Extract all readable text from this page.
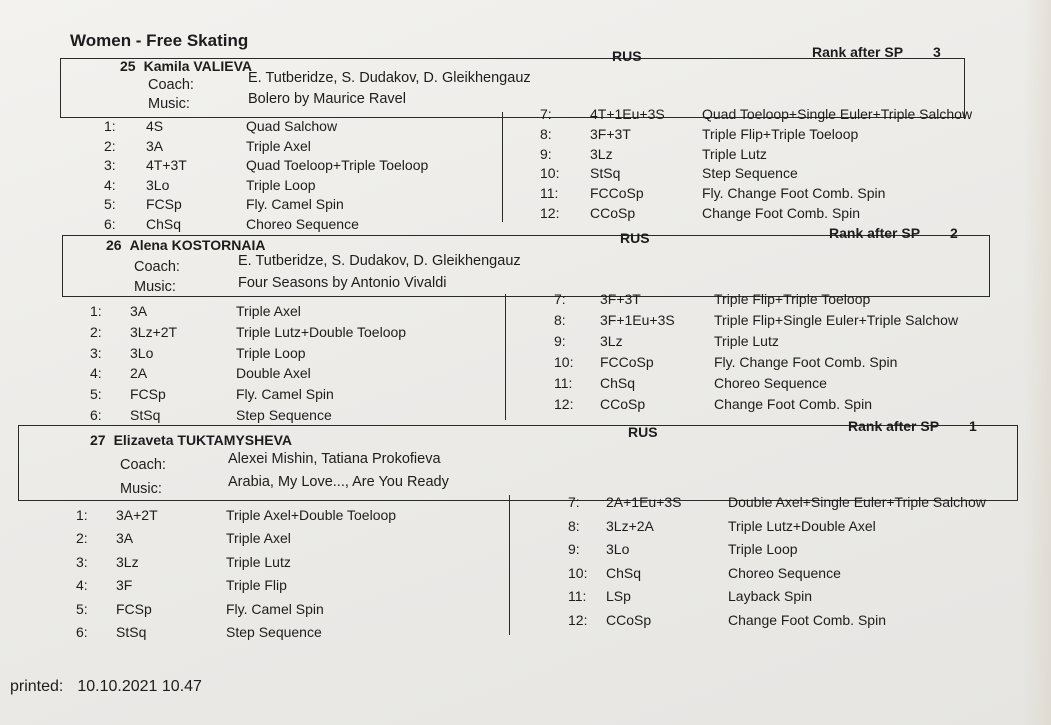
Women - Free Skating
25 Kamila VALIEVA
RUS	Rank after SP 3
Coach:	E. Tutberidze, S. Dudakov, D. Gleikhengauz
Music:	Bolero by Maurice Ravel
26 Alena KOSTORNAIA	RUS	Rank after SP 2
Coach:	E. Tutberidze, S. Dudakov, D. Gleikhengauz
Music:	Four Seasons by Antonio Vivaldi
27 Elizaveta TUKTAMYSHEVA	RUS	Rank after SP 1
Coach:	Alexei Mishin, Tatiana Prokofieva
Music:	Arabia, My Love..., Are You Ready
printed: 10.10.2021 10.47
1:	4S	Quad Salchow
2:	3A	Triple Axel
3:	4T+3T	Quad Toeloop+Triple Toeloop
4:	3Lo	Triple Loop
5:	FCSp	Fly. Camel Spin
6:	ChSq	Choreo Sequence
7:	4T+1Eu+3S	Quad Toeloop+Single Euler+Triple Salchow
8:	3F+3T	Triple Flip+Triple Toeloop
9:	3Lz	Triple Lutz
10:	StSq	Step Sequence
11:	FCCoSp	Fly. Change Foot Comb. Spin
12:	CCoSp	Change Foot Comb. Spin
1:	3A	Triple Axel
2:	3Lz+2T	Triple Lutz+Double Toeloop
3:	3Lo	Triple Loop
4:	2A	Double Axel
5:	FCSp	Fly. Camel Spin
6:	StSq	Step Sequence
7:	3F+3T	Triple Flip+Triple Toeloop
8:	3F+1Eu+3S	Triple Flip+Single Euler+Triple Salchow
9:	3Lz	Triple Lutz
10:	FCCoSp	Fly. Change Foot Comb. Spin
11:	ChSq	Choreo Sequence
12:	CCoSp	Change Foot Comb. Spin
1:	3A+2T	Triple Axel+Double Toeloop
2:	3A	Triple Axel
3:	3Lz	Triple Lutz
4:	3F	Triple Flip
5:	FCSp	Fly. Camel Spin
6:	StSq	Step Sequence
7:	2A+1Eu+3S	Double Axel+Single Euler+Triple Salchow
8:	3Lz+2A	Triple Lutz+Double Axel
9:	3Lo	Triple Loop
10:	ChSq	Choreo Sequence
11:	LSp	Layback Spin
12:	CCoSp	Change Foot Comb. Spin
